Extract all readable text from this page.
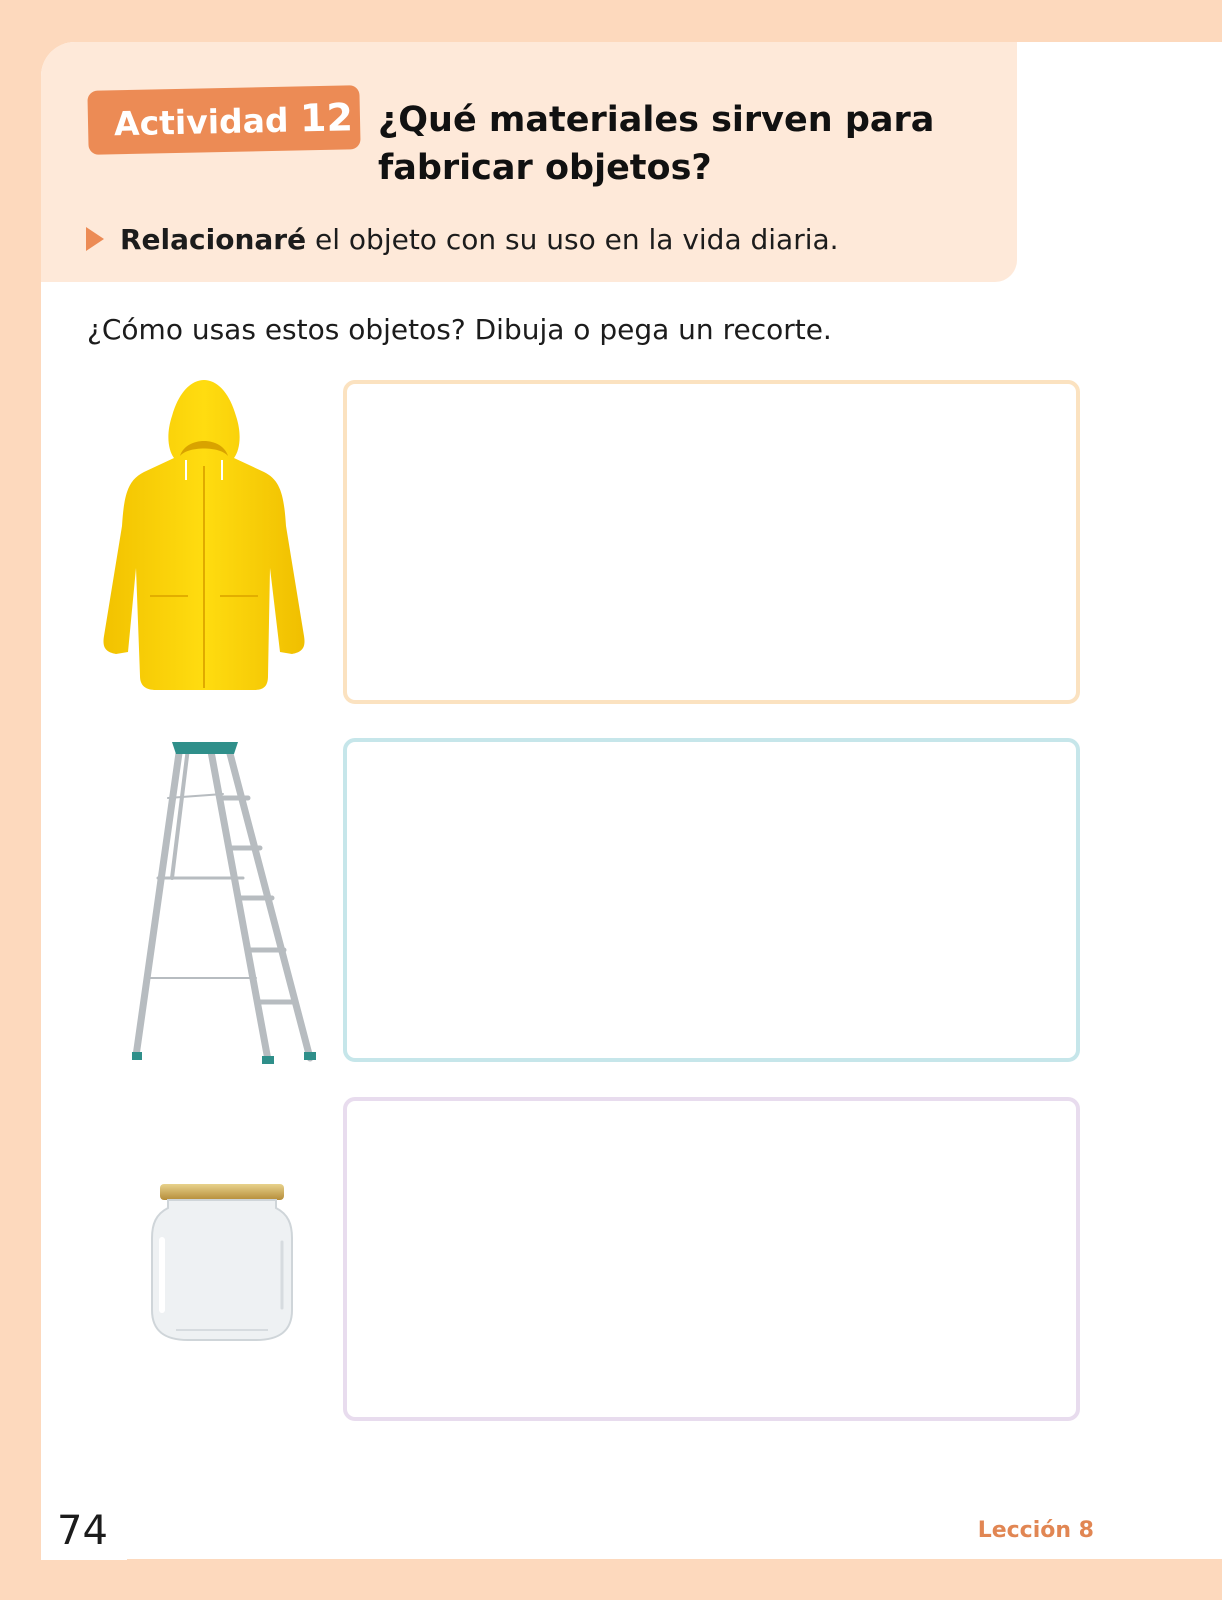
Actividad 12 ¿Qué materiales sirven para fabricar objetos?
Relacionaré el objeto con su uso en la vida diaria.
¿Cómo usas estos objetos? Dibuja o pega un recorte.
74	Lección 8
